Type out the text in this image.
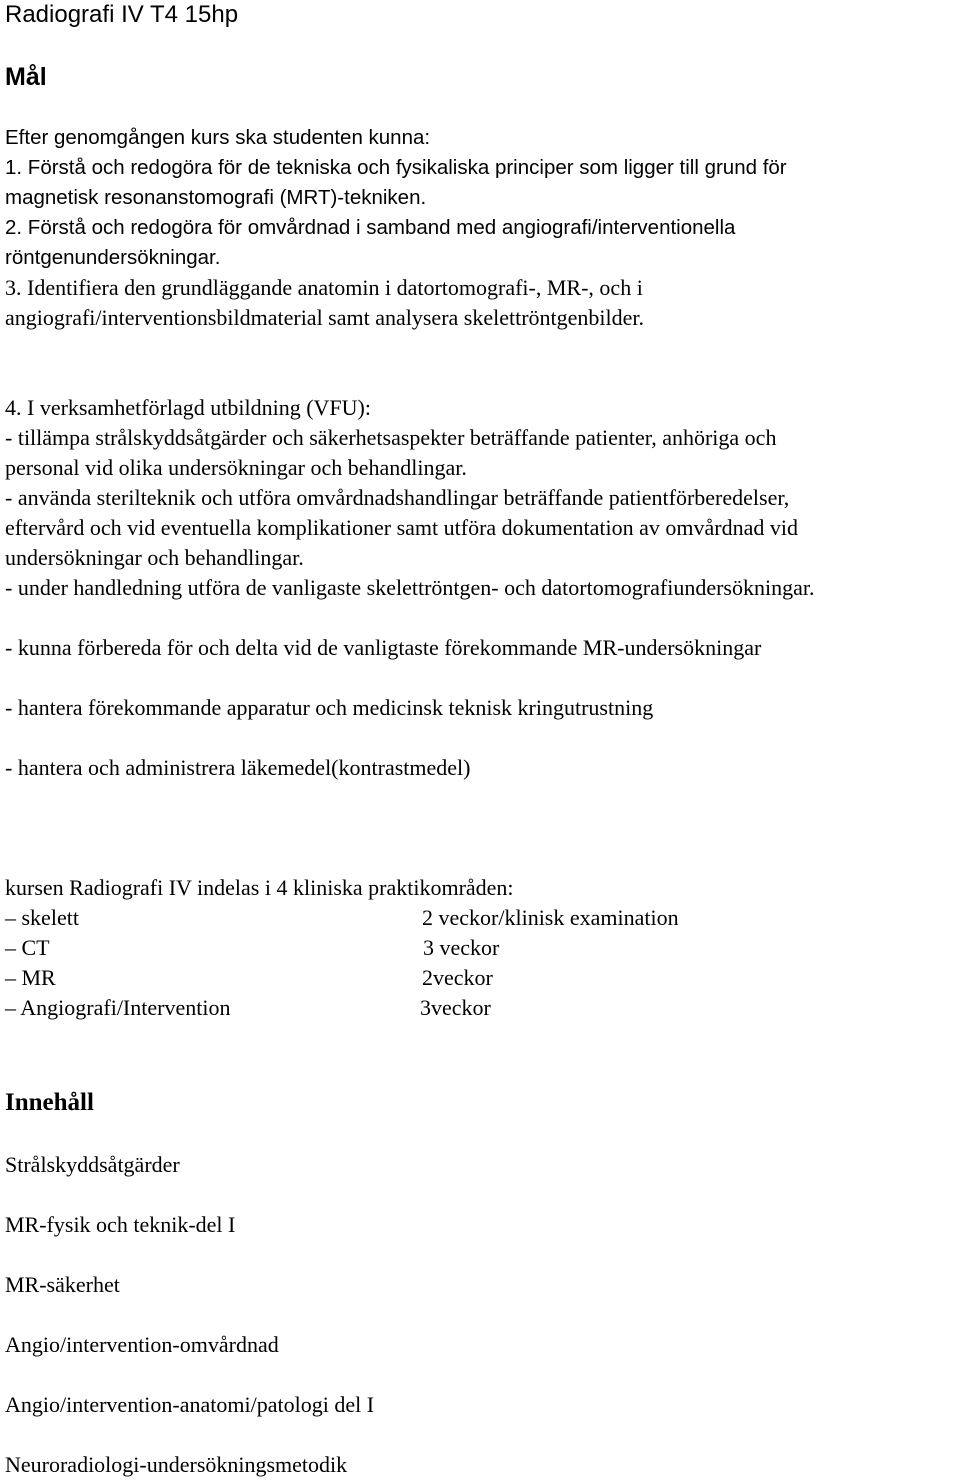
Radiografi IV T4 15hp
Mål
Efter genomgången kurs ska studenten kunna:
1. Förstå och redogöra för de tekniska och fysikaliska principer som ligger till grund för
magnetisk resonanstomografi (MRT)-tekniken.
2. Förstå och redogöra för omvårdnad i samband med angiografi/interventionella
röntgenundersökningar.
3. Identifiera den grundläggande anatomin i datortomografi-, MR-, och i
angiografi/interventionsbildmaterial samt analysera skelettröntgenbilder.
4. I verksamhetförlagd utbildning (VFU):
- tillämpa strålskyddsåtgärder och säkerhetsaspekter beträffande patienter, anhöriga och
personal vid olika undersökningar och behandlingar.
- använda sterilteknik och utföra omvårdnadshandlingar beträffande patientförberedelser,
eftervård och vid eventuella komplikationer samt utföra dokumentation av omvårdnad vid
undersökningar och behandlingar.
- under handledning utföra de vanligaste skelettröntgen- och datortomografiundersökningar.
- kunna förbereda för och delta vid de vanligtaste förekommande MR-undersökningar
- hantera förekommande apparatur och medicinsk teknisk kringutrustning
- hantera och administrera läkemedel(kontrastmedel)
kursen Radiografi IV indelas i 4 kliniska praktikområden:
– skelett	2 veckor/klinisk examination
– CT	3 veckor
– MR	2veckor
– Angiografi/Intervention	3veckor
Innehåll
Strålskyddsåtgärder
MR-fysik och teknik-del I
MR-säkerhet
Angio/intervention-omvårdnad
Angio/intervention-anatomi/patologi del I
Neuroradiologi-undersökningsmetodik
